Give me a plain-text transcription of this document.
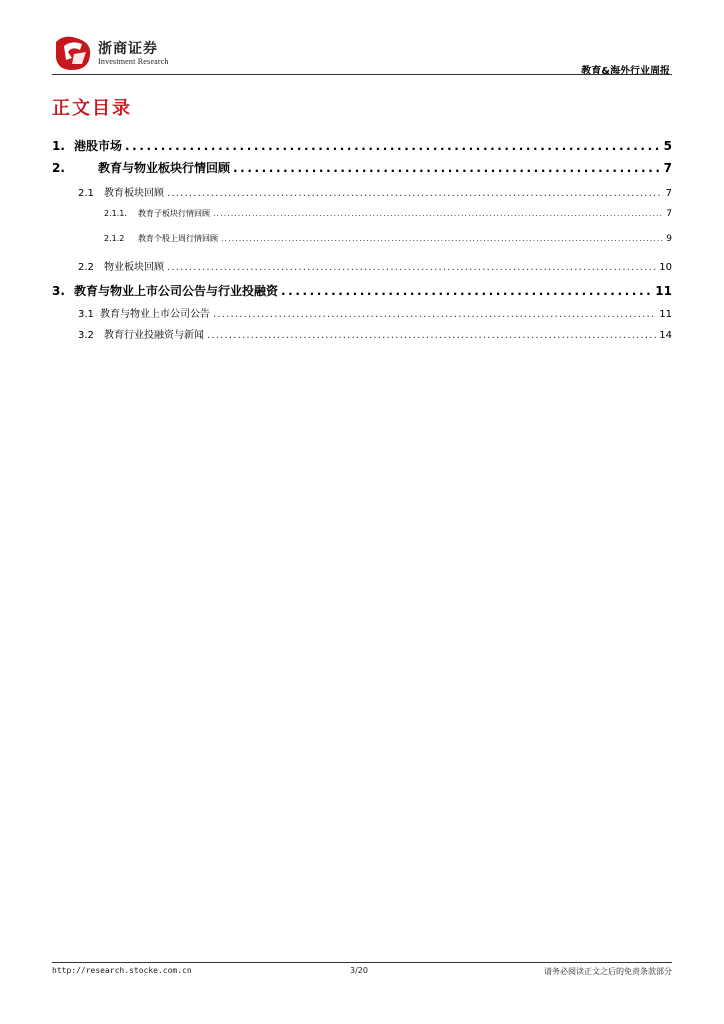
浙商证券
Investment Research
教育&海外行业周报
正文目录
1. 港股市场 .....	5
2.	教育与物业板块行情回顾 .....	7
2.1	教育板块回顾 .....	7
2.1.1.	教育子板块行情回顾 .....	7
2.1.2	教育个股上周行情回顾 .....	9
2.2	物业板块回顾 .....	10
3. 教育与物业上市公司公告与行业投融资 .....	11
3.1 教育与物业上市公司公告 .....	11
3.2	教育行业投融资与新闻 .....	14
http://research.stocke.com.cn	3/20	请务必阅读正文之后的免责条款部分
